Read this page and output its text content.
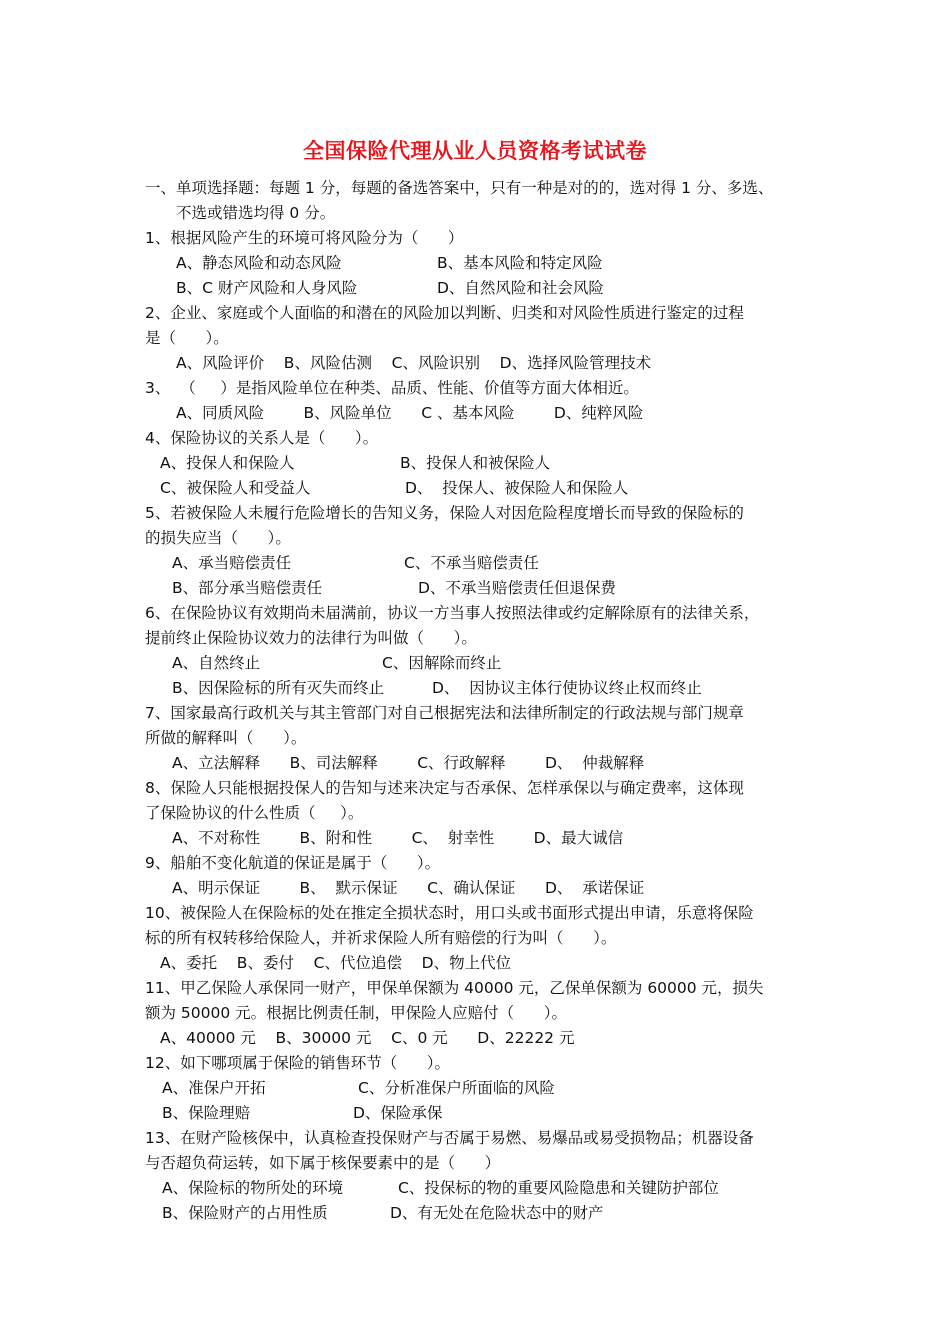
全国保险代理从业人员资格考试试卷
一、单项选择题：每题 1 分，每题的备选答案中，只有一种是对的的，选对得 1 分、多选、
不选或错选均得 0 分。
1、根据风险产生的环境可将风险分为（      ）
A、静态风险和动态风险	B、基本风险和特定风险
B、C 财产风险和人身风险	D、自然风险和社会风险
2、企业、家庭或个人面临的和潜在的风险加以判断、归类和对风险性质进行鉴定的过程
是（      ）。
A、风险评价    B、风险估测    C、风险识别    D、选择风险管理技术
3、  （     ）是指风险单位在种类、品质、性能、价值等方面大体相近。
A、同质风险        B、风险单位      C 、基本风险        D、纯粹风险
4、保险协议的关系人是（      ）。
A、投保人和保险人	B、投保人和被保险人
C、被保险人和受益人	D、  投保人、被保险人和保险人
5、若被保险人未履行危险增长的告知义务，保险人对因危险程度增长而导致的保险标的
的损失应当（      ）。
A、承当赔偿责任	C、不承当赔偿责任
B、部分承当赔偿责任	D、不承当赔偿责任但退保费
6、在保险协议有效期尚未届满前，协议一方当事人按照法律或约定解除原有的法律关系，
提前终止保险协议效力的法律行为叫做（      ）。
A、自然终止	C、因解除而终止
B、因保险标的所有灭失而终止	D、  因协议主体行使协议终止权而终止
7、国家最高行政机关与其主管部门对自己根据宪法和法律所制定的行政法规与部门规章
所做的解释叫（      ）。
A、立法解释      B、司法解释        C、行政解释        D、  仲裁解释
8、保险人只能根据投保人的告知与述来决定与否承保、怎样承保以与确定费率，这体现
了保险协议的什么性质（     ）。
A、不对称性        B、附和性        C、  射幸性        D、最大诚信
9、船舶不变化航道的保证是属于（      ）。
A、明示保证        B、  默示保证      C、确认保证      D、  承诺保证
10、被保险人在保险标的处在推定全损状态时，用口头或书面形式提出申请，乐意将保险
标的所有权转移给保险人，并祈求保险人所有赔偿的行为叫（      ）。
A、委托    B、委付    C、代位追偿    D、物上代位
11、甲乙保险人承保同一财产，甲保单保额为 40000 元，乙保单保额为 60000 元，损失
额为 50000 元。根据比例责任制，甲保险人应赔付（      ）。
A、40000 元    B、30000 元    C、0 元      D、22222 元
12、如下哪项属于保险的销售环节（      ）。
A、准保户开拓	C、分析准保户所面临的风险
B、保险理赔	D、保险承保
13、在财产险核保中，认真检查投保财产与否属于易燃、易爆品或易受损物品；机器设备
与否超负荷运转，如下属于核保要素中的是（      ）
A、保险标的物所处的环境	C、投保标的物的重要风险隐患和关键防护部位
B、保险财产的占用性质	D、有无处在危险状态中的财产
